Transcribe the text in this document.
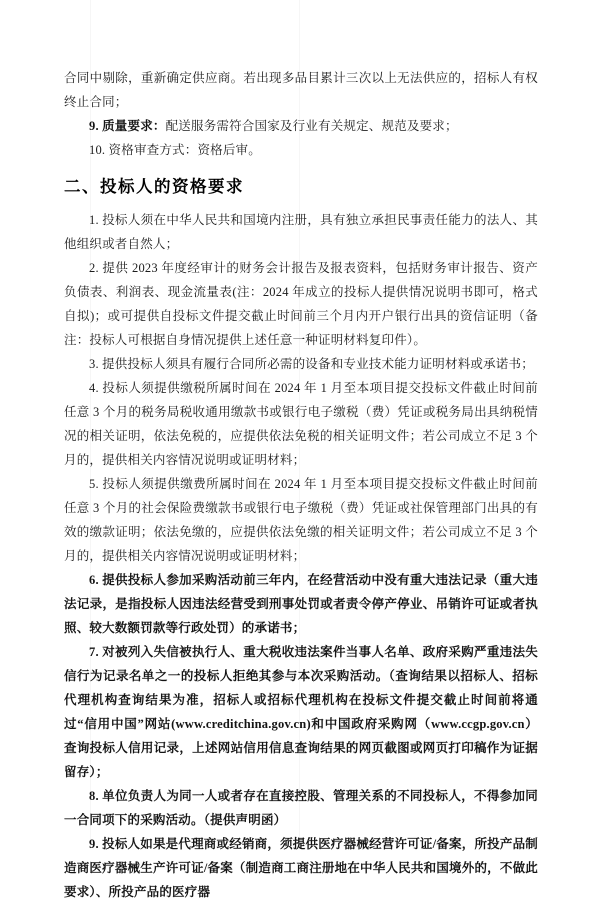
合同中剔除，重新确定供应商。若出现多品目累计三次以上无法供应的，招标人有权终止合同；

9. 质量要求：配送服务需符合国家及行业有关规定、规范及要求；

10. 资格审查方式：资格后审。

二、投标人的资格要求

1. 投标人须在中华人民共和国境内注册，具有独立承担民事责任能力的法人、其他组织或者自然人；

2. 提供 2023 年度经审计的财务会计报告及报表资料，包括财务审计报告、资产负债表、利润表、现金流量表(注：2024 年成立的投标人提供情况说明书即可，格式自拟)；或可提供自投标文件提交截止时间前三个月内开户银行出具的资信证明（备注：投标人可根据自身情况提供上述任意一种证明材料复印件）。

3. 提供投标人须具有履行合同所必需的设备和专业技术能力证明材料或承诺书；

4. 投标人须提供缴税所属时间在 2024 年 1 月至本项目提交投标文件截止时间前任意 3 个月的税务局税收通用缴款书或银行电子缴税（费）凭证或税务局出具纳税情况的相关证明，依法免税的，应提供依法免税的相关证明文件；若公司成立不足 3 个月的，提供相关内容情况说明或证明材料；

5. 投标人须提供缴费所属时间在 2024 年 1 月至本项目提交投标文件截止时间前任意 3 个月的社会保险费缴款书或银行电子缴税（费）凭证或社保管理部门出具的有效的缴款证明；依法免缴的，应提供依法免缴的相关证明文件；若公司成立不足 3 个月的，提供相关内容情况说明或证明材料；

6. 提供投标人参加采购活动前三年内，在经营活动中没有重大违法记录（重大违法记录，是指投标人因违法经营受到刑事处罚或者责令停产停业、吊销许可证或者执照、较大数额罚款等行政处罚）的承诺书；

7. 对被列入失信被执行人、重大税收违法案件当事人名单、政府采购严重违法失信行为记录名单之一的投标人拒绝其参与本次采购活动。（查询结果以招标人、招标代理机构查询结果为准，招标人或招标代理机构在投标文件提交截止时间前将通过“信用中国”网站(www.creditchina.gov.cn)和中国政府采购网（www.ccgp.gov.cn）查询投标人信用记录，上述网站信用信息查询结果的网页截图或网页打印稿作为证据留存）；

8. 单位负责人为同一人或者存在直接控股、管理关系的不同投标人，不得参加同一合同项下的采购活动。（提供声明函）

9. 投标人如果是代理商或经销商，须提供医疗器械经营许可证/备案，所投产品制造商医疗器械生产许可证/备案（制造商工商注册地在中华人民共和国境外的，不做此要求）、所投产品的医疗器
